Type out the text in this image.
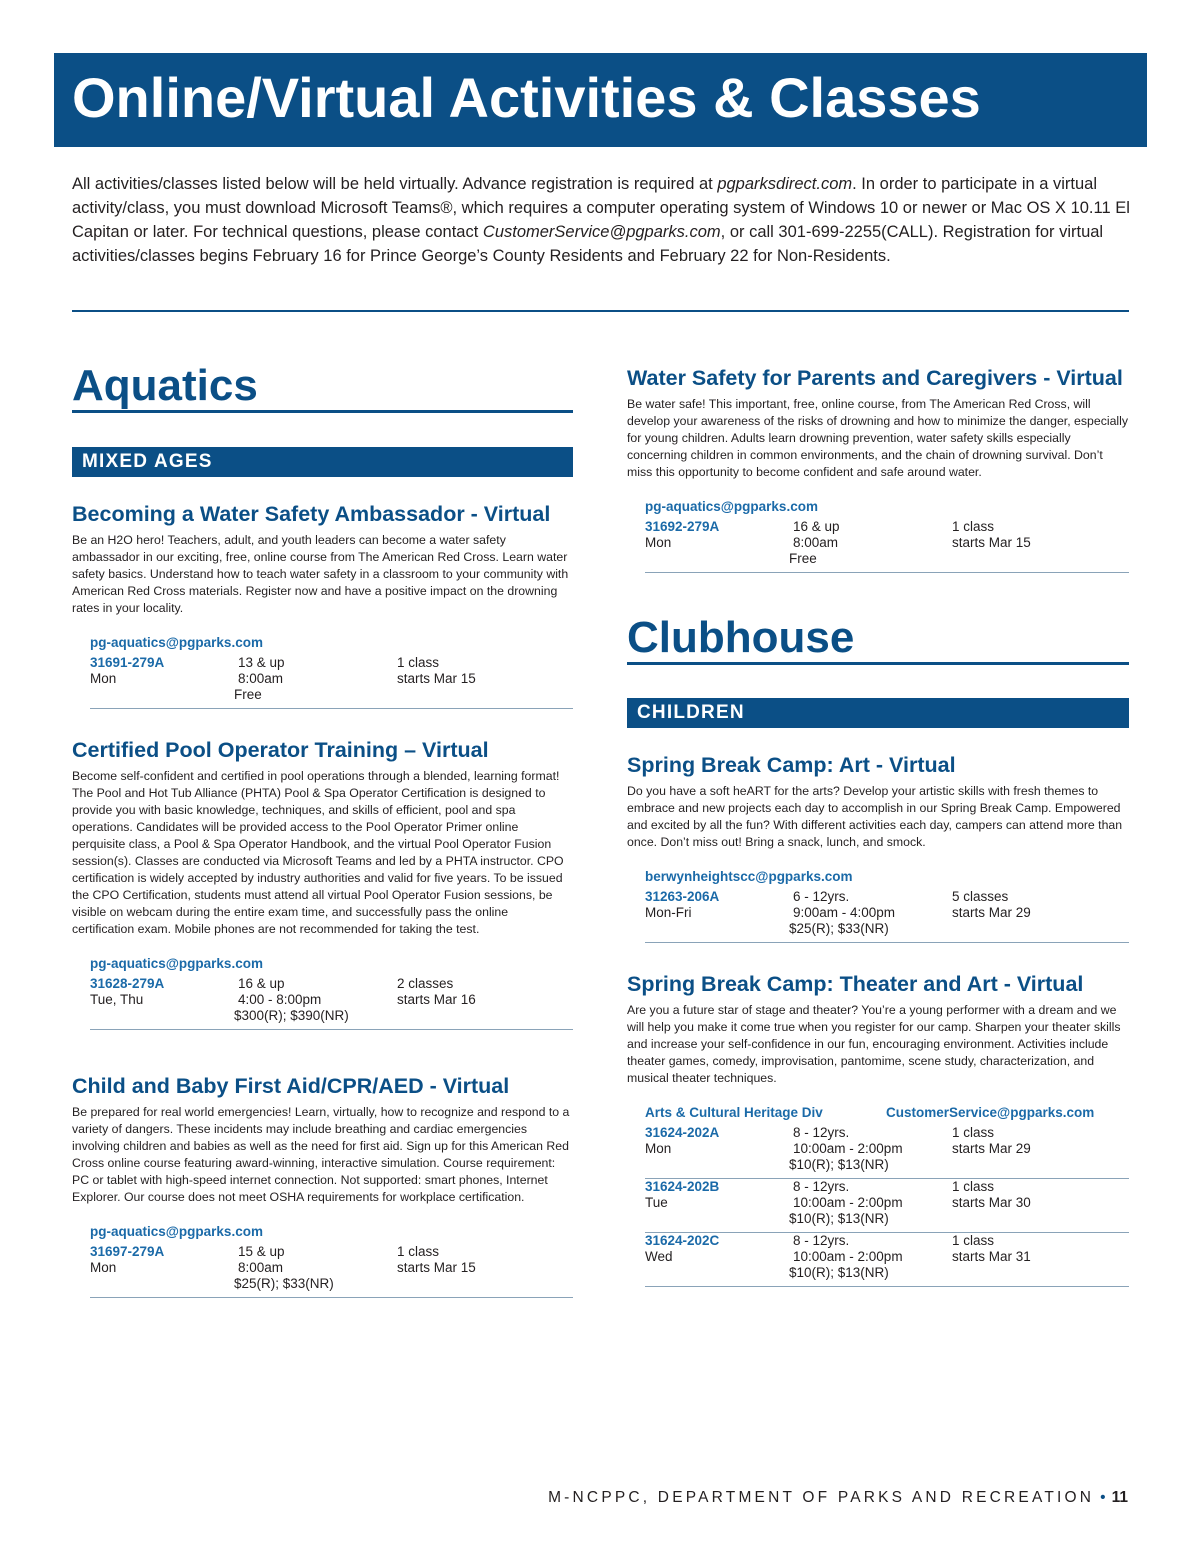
Online/Virtual Activities & Classes

All activities/classes listed below will be held virtually. Advance registration is required at pgparksdirect.com. In order to participate in a virtual activity/class, you must download Microsoft Teams®, which requires a computer operating system of Windows 10 or newer or Mac OS X 10.11 El Capitan or later. For technical questions, please contact CustomerService@pgparks.com, or call 301-699-2255(CALL). Registration for virtual activities/classes begins February 16 for Prince George’s County Residents and February 22 for Non-Residents.

Aquatics
MIXED AGES
Becoming a Water Safety Ambassador - Virtual

Be an H2O hero! Teachers, adult, and youth leaders can become a water safety ambassador in our exciting, free, online course from The American Red Cross. Learn water safety basics. Understand how to teach water safety in a classroom to your community with American Red Cross materials. Register now and have a positive impact on the drowning rates in your locality.

pg-aquatics@pgparks.com
31691-279A
Mon
13 & up
8:00am
Free
1 class
starts Mar 15
Certified Pool Operator Training – Virtual

Become self-confident and certified in pool operations through a blended, learning format! The Pool and Hot Tub Alliance (PHTA) Pool & Spa Operator Certification is designed to provide you with basic knowledge, techniques, and skills of efficient, pool and spa operations. Candidates will be provided access to the Pool Operator Primer online perquisite class, a Pool & Spa Operator Handbook, and the virtual Pool Operator Fusion session(s). Classes are conducted via Microsoft Teams and led by a PHTA instructor. CPO certification is widely accepted by industry authorities and valid for five years. To be issued the CPO Certification, students must attend all virtual Pool Operator Fusion sessions, be visible on webcam during the entire exam time, and successfully pass the online certification exam. Mobile phones are not recommended for taking the test.

pg-aquatics@pgparks.com
31628-279A
Tue, Thu
16 & up
4:00 - 8:00pm
$300(R); $390(NR)
2 classes
starts Mar 16
Child and Baby First Aid/CPR/AED - Virtual

Be prepared for real world emergencies! Learn, virtually, how to recognize and respond to a variety of dangers. These incidents may include breathing and cardiac emergencies involving children and babies as well as the need for first aid. Sign up for this American Red Cross online course featuring award-winning, interactive simulation. Course requirement: PC or tablet with high-speed internet connection. Not supported: smart phones, Internet Explorer. Our course does not meet OSHA requirements for workplace certification.

pg-aquatics@pgparks.com
31697-279A
Mon
15 & up
8:00am
$25(R); $33(NR)
1 class
starts Mar 15
Water Safety for Parents and Caregivers - Virtual

Be water safe! This important, free, online course, from The American Red Cross, will develop your awareness of the risks of drowning and how to minimize the danger, especially for young children. Adults learn drowning prevention, water safety skills especially concerning children in common environments, and the chain of drowning survival. Don’t miss this opportunity to become confident and safe around water.

pg-aquatics@pgparks.com
31692-279A
Mon
16 & up
8:00am
Free
1 class
starts Mar 15
Clubhouse
CHILDREN
Spring Break Camp: Art - Virtual

Do you have a soft heART for the arts? Develop your artistic skills with fresh themes to embrace and new projects each day to accomplish in our Spring Break Camp. Empowered and excited by all the fun? With different activities each day, campers can attend more than once. Don’t miss out! Bring a snack, lunch, and smock.

berwynheightscc@pgparks.com
31263-206A
Mon-Fri
6 - 12yrs.
9:00am - 4:00pm
$25(R); $33(NR)
5 classes
starts Mar 29
Spring Break Camp: Theater and Art - Virtual

Are you a future star of stage and theater? You’re a young performer with a dream and we will help you make it come true when you register for our camp. Sharpen your theater skills and increase your self-confidence in our fun, encouraging environment. Activities include theater games, comedy, improvisation, pantomime, scene study, characterization, and musical theater techniques.

Arts & Cultural Heritage Div	CustomerService@pgparks.com
31624-202A
Mon
8 - 12yrs.
10:00am - 2:00pm
$10(R); $13(NR)
1 class
starts Mar 29
31624-202B
Tue
8 - 12yrs.
10:00am - 2:00pm
$10(R); $13(NR)
1 class
starts Mar 30
31624-202C
Wed
8 - 12yrs.
10:00am - 2:00pm
$10(R); $13(NR)
1 class
starts Mar 31
M-NCPPC, DEPARTMENT OF PARKS AND RECREATION • 11
